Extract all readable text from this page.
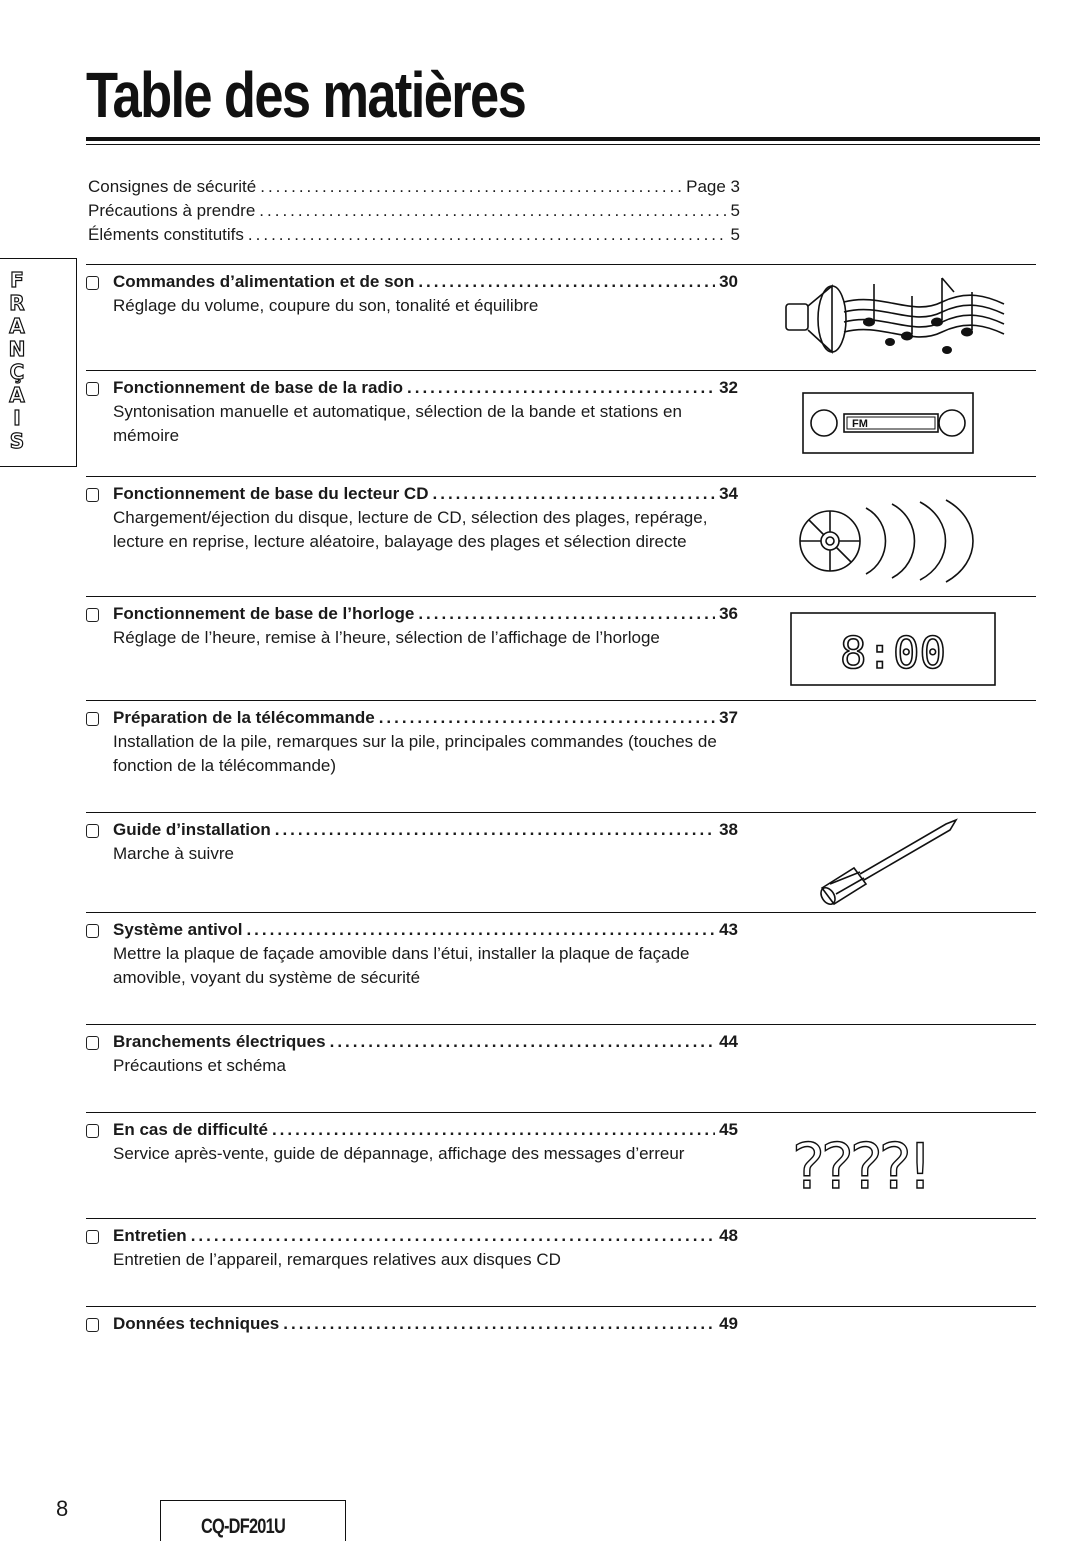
Table des matières
Consignes de sécurité .....	Page 3
Précautions à prendre .....	5
Éléments constitutifs .....	5
F
R
A
N
Ç
A
I
S
Commandes d’alimentation et de son .....	30

Réglage du volume, coupure du son, tonalité et équilibre

Fonctionnement de base de la radio .....	32

Syntonisation manuelle et automatique, sélection de la bande et stations en

mémoire

FM
Fonctionnement de base du lecteur CD .....	34

Chargement/éjection du disque, lecture de CD, sélection des plages, repérage,

lecture en reprise, lecture aléatoire, balayage des plages et sélection directe

Fonctionnement de base de l’horloge .....	36

Réglage de l’heure, remise à l’heure, sélection de l’affichage de l’horloge	8:00
Préparation de la télécommande .....	37

Installation de la pile, remarques sur la pile, principales commandes (touches de

fonction de la télécommande)

Guide d’installation .....	38

Marche à suivre

Système antivol .....	43

Mettre la plaque de façade amovible dans l’étui, installer la plaque de façade

amovible, voyant du système de sécurité

Branchements électriques .....	44

Précautions et schéma

En cas de difficulté .....	45

Service après-vente, guide de dépannage, affichage des messages d’erreur	????!
Entretien .....	48

Entretien de l’appareil, remarques relatives aux disques CD

Données techniques .....	49
8
CQ-DF201U
